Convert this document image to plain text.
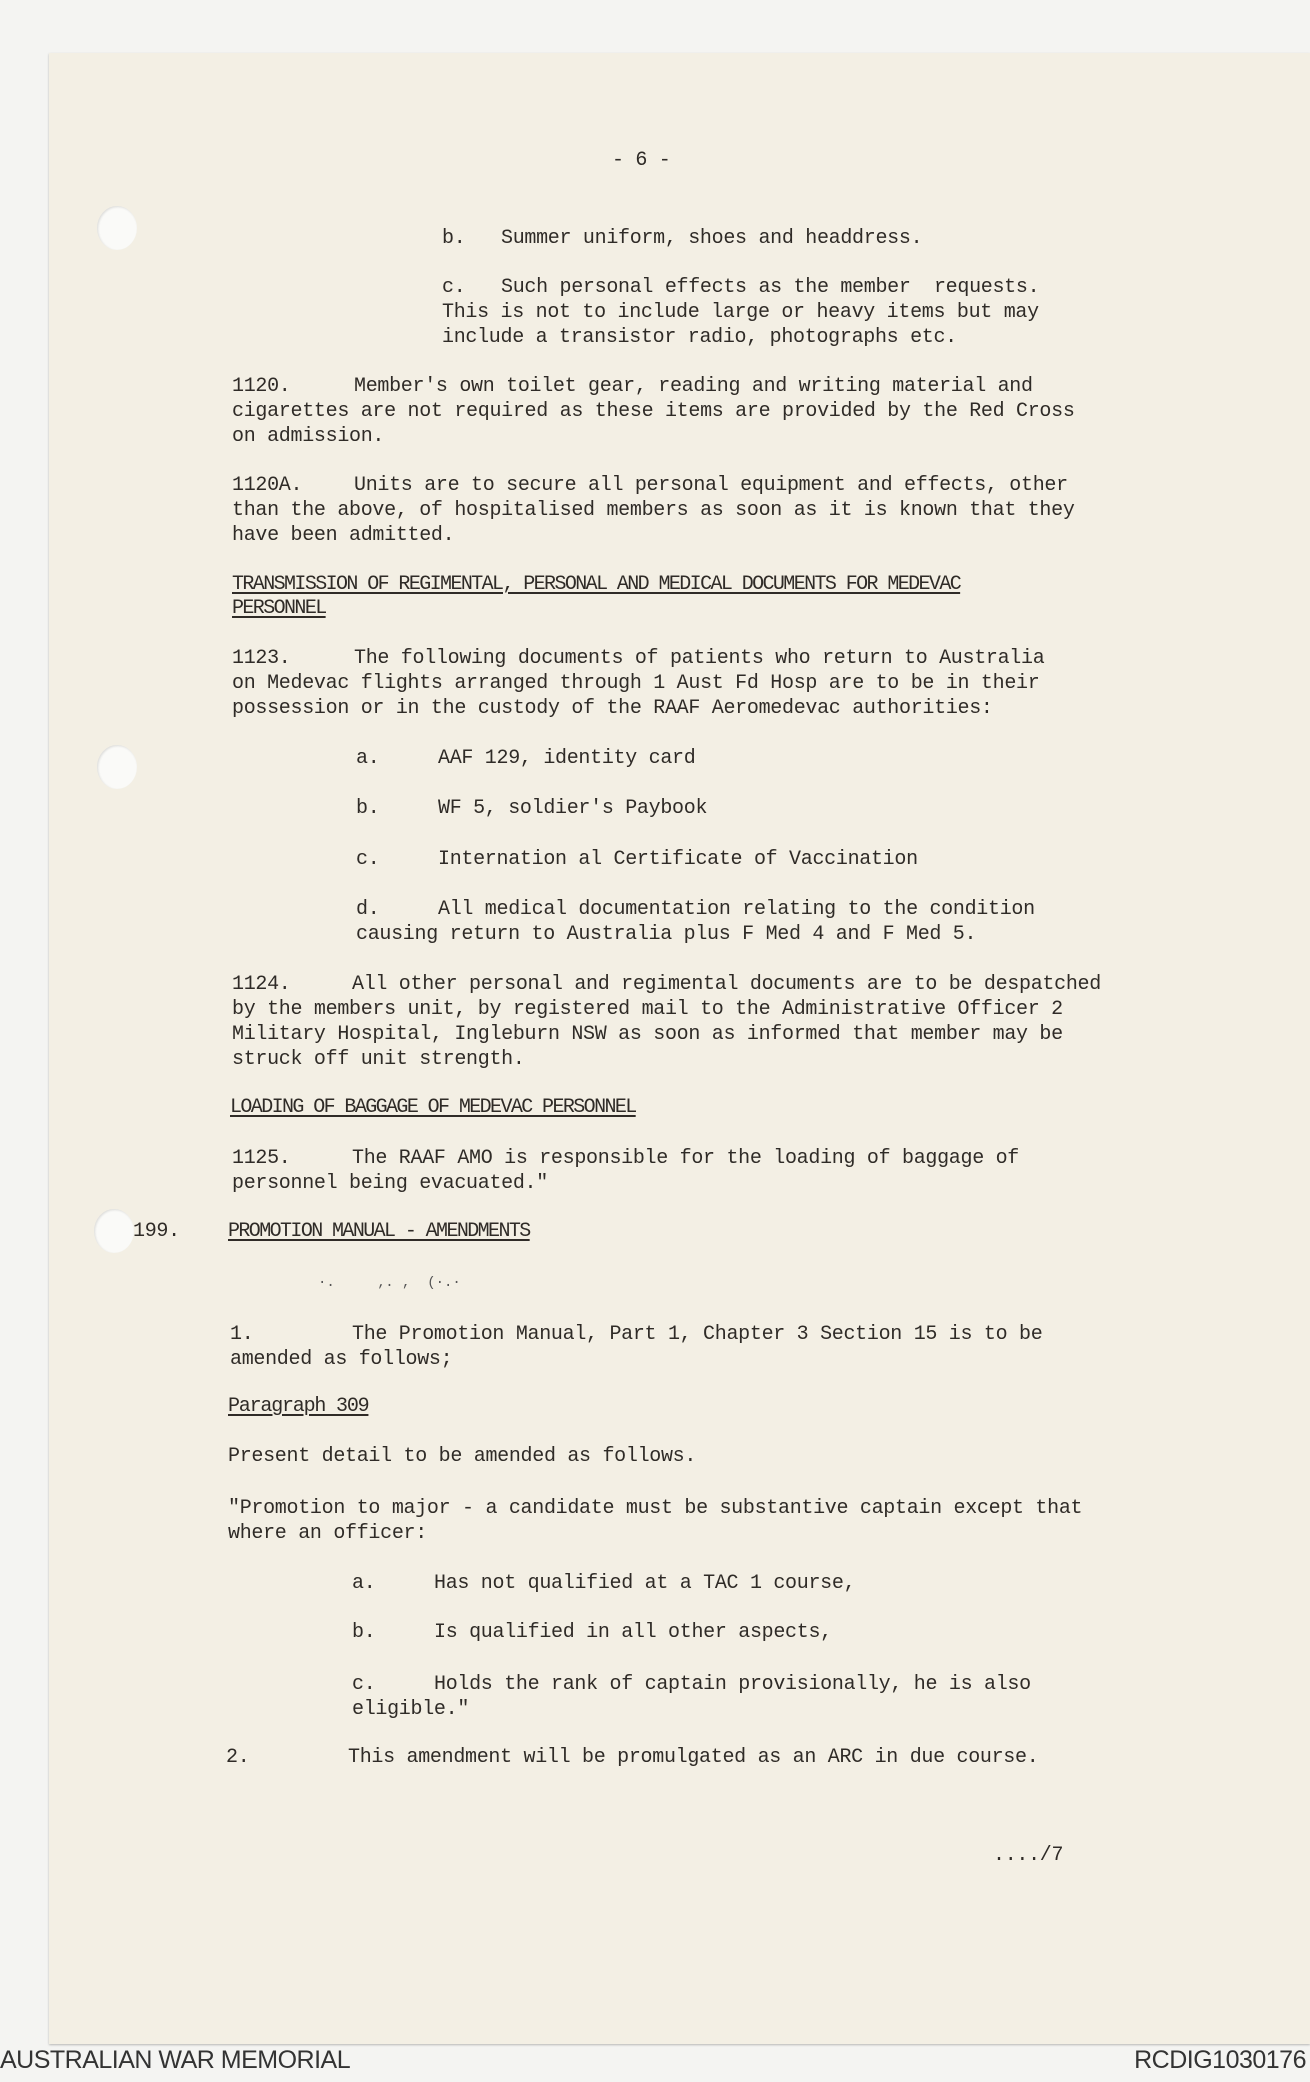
- 6 -
b. Summer uniform, shoes and headdress.
c. Such personal effects as the member  requests.
This is not to include large or heavy items but may
include a transistor radio, photographs etc.
1120.	Member's own toilet gear, reading and writing material and
cigarettes are not required as these items are provided by the Red Cross
on admission.
1120A.	Units are to secure all personal equipment and effects, other
than the above, of hospitalised members as soon as it is known that they
have been admitted.
TRANSMISSION OF REGIMENTAL, PERSONAL AND MEDICAL DOCUMENTS FOR MEDEVAC
PERSONNEL
1123.	The following documents of patients who return to Australia
on Medevac flights arranged through 1 Aust Fd Hosp are to be in their
possession or in the custody of the RAAF Aeromedevac authorities:
a.	AAF 129, identity card
b.	WF 5, soldier's Paybook
c.	Internation al Certificate of Vaccination
d.	All medical documentation relating to the condition
causing return to Australia plus F Med 4 and F Med 5.
1124.	All other personal and regimental documents are to be despatched
by the members unit, by registered mail to the Administrative Officer 2
Military Hospital, Ingleburn NSW as soon as informed that member may be
struck off unit strength.
LOADING OF BAGGAGE OF MEDEVAC PERSONNEL
1125.	The RAAF AMO is responsible for the loading of baggage of
personnel being evacuated."
199. PROMOTION MANUAL - AMENDMENTS
·.     ‚. ,  (·.·
1.	The Promotion Manual, Part 1, Chapter 3 Section 15 is to be
amended as follows;
Paragraph 309
Present detail to be amended as follows.
"Promotion to major - a candidate must be substantive captain except that
where an officer:
a.	Has not qualified at a TAC 1 course,
b.	Is qualified in all other aspects,
c.	Holds the rank of captain provisionally, he is also
eligible."
2.	This amendment will be promulgated as an ARC in due course.
..../7
AUSTRALIAN WAR MEMORIAL	RCDIG1030176
